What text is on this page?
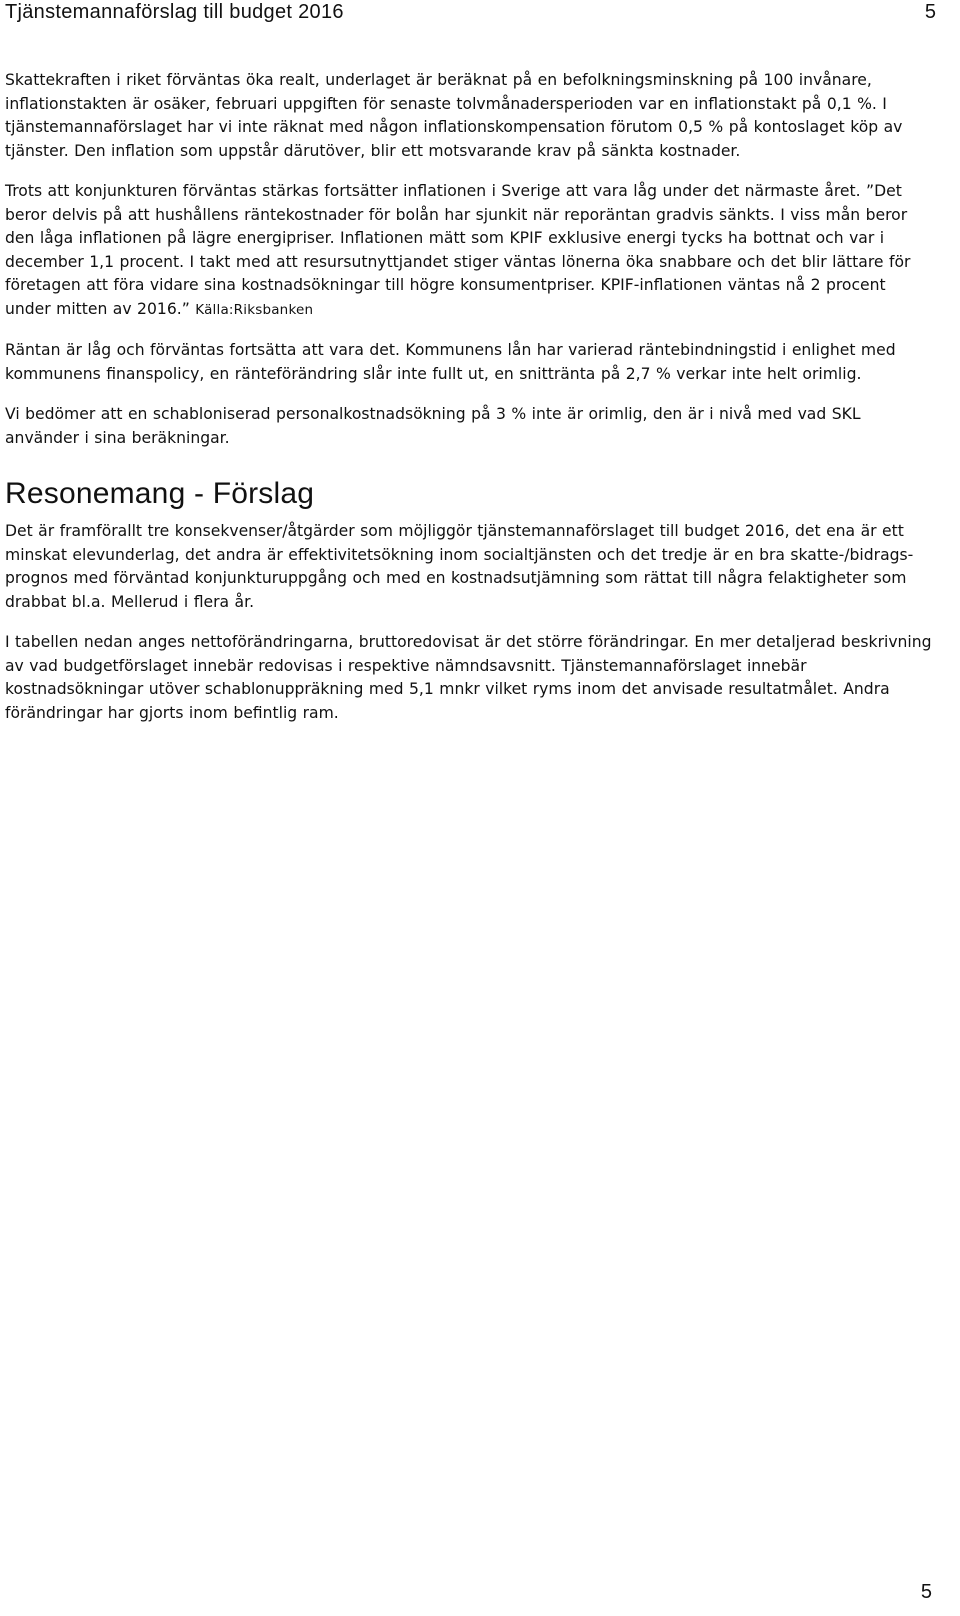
Tjänstemannaförslag till budget 2016	5

Skattekraften i riket förväntas öka realt, underlaget är beräknat på en befolkningsminskning på 100 invånare, inflationstakten är osäker, februari uppgiften för senaste tolvmånadersperioden var en inflationstakt på 0,1 %. I tjänstemannaförslaget har vi inte räknat med någon inflationskompensation förutom 0,5 % på kontoslaget köp av tjänster. Den inflation som uppstår därutöver, blir ett motsvarande krav på sänkta kostnader.

Trots att konjunkturen förväntas stärkas fortsätter inflationen i Sverige att vara låg under det närmaste året. ”Det beror delvis på att hushållens räntekostnader för bolån har sjunkit när reporäntan gradvis sänkts. I viss mån beror den låga inflationen på lägre energipriser. Inflationen mätt som KPIF exklusive energi tycks ha bottnat och var i december 1,1 procent. I takt med att resursutnyttjandet stiger väntas lönerna öka snabbare och det blir lättare för företagen att föra vidare sina kostnadsökningar till högre konsumentpriser. KPIF-inflationen väntas nå 2 procent under mitten av 2016.” Källa:Riksbanken

Räntan är låg och förväntas fortsätta att vara det. Kommunens lån har varierad räntebindningstid i enlighet med kommunens finanspolicy, en ränteförändring slår inte fullt ut, en snittränta på 2,7 % verkar inte helt orimlig.

Vi bedömer att en schabloniserad personalkostnadsökning på 3 % inte är orimlig, den är i nivå med vad SKL använder i sina beräkningar.

Resonemang - Förslag

Det är framförallt tre konsekvenser/åtgärder som möjliggör tjänstemannaförslaget till budget 2016, det ena är ett minskat elevunderlag, det andra är effektivitetsökning inom socialtjänsten och det tredje är en bra skatte-/bidrags-prognos med förväntad konjunkturuppgång och med en kostnadsutjämning som rättat till några felaktigheter som drabbat bl.a. Mellerud i flera år.

I tabellen nedan anges nettoförändringarna, bruttoredovisat är det större förändringar. En mer detaljerad beskrivning av vad budgetförslaget innebär redovisas i respektive nämndsavsnitt. Tjänstemannaförslaget innebär kostnadsökningar utöver schablonuppräkning med 5,1 mnkr vilket ryms inom det anvisade resultatmålet. Andra förändringar har gjorts inom befintlig ram.

5
